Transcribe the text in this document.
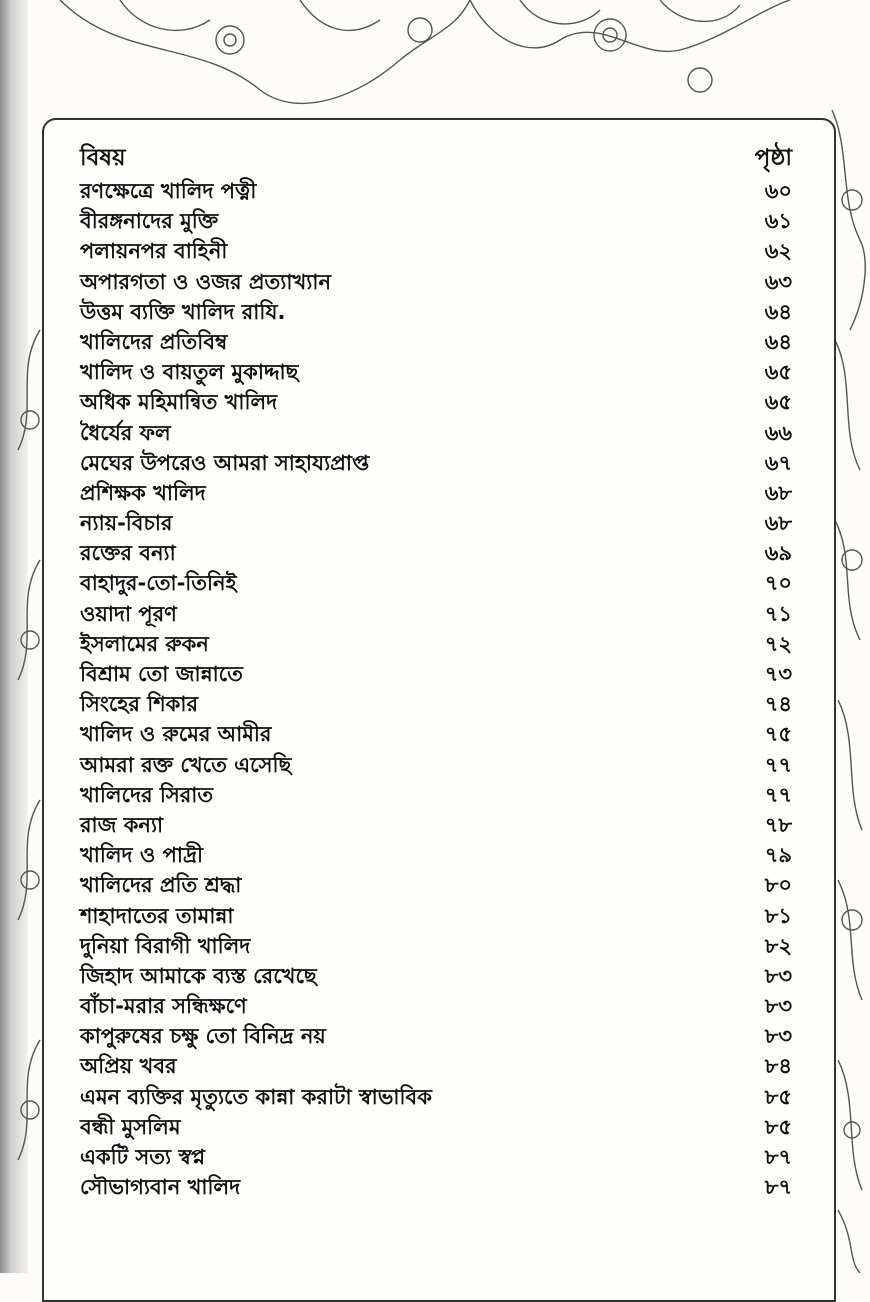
বিষয়	পৃষ্ঠা
রণক্ষেত্রে খালিদ পত্নী	৬০
বীরঙ্গনাদের মুক্তি	৬১
পলায়নপর বাহিনী	৬২
অপারগতা ও ওজর প্রত্যাখ্যান	৬৩
উত্তম ব্যক্তি খালিদ রাযি.	৬৪
খালিদের প্রতিবিম্ব	৬৪
খালিদ ও বায়তুল মুকাদ্দাছ	৬৫
অধিক মহিমান্বিত খালিদ	৬৫
ধৈর্যের ফল	৬৬
মেঘের উপরেও আমরা সাহায্যপ্রাপ্ত	৬৭
প্রশিক্ষক খালিদ	৬৮
ন্যায়-বিচার	৬৮
রক্তের বন্যা	৬৯
বাহাদুর-তো-তিনিই	৭০
ওয়াদা পূরণ	৭১
ইসলামের রুকন	৭২
বিশ্রাম তো জান্নাতে	৭৩
সিংহের শিকার	৭৪
খালিদ ও রুমের আমীর	৭৫
আমরা রক্ত খেতে এসেছি	৭৭
খালিদের সিরাত	৭৭
রাজ কন্যা	৭৮
খালিদ ও পাদ্রী	৭৯
খালিদের প্রতি শ্রদ্ধা	৮০
শাহাদাতের তামান্না	৮১
দুনিয়া বিরাগী খালিদ	৮২
জিহাদ আমাকে ব্যস্ত রেখেছে	৮৩
বাঁচা-মরার সন্ধিক্ষণে	৮৩
কাপুরুষের চক্ষু তো বিনিদ্র নয়	৮৩
অপ্রিয় খবর	৮৪
এমন ব্যক্তির মৃত্যুতে কান্না করাটা স্বাভাবিক	৮৫
বন্ধী মুসলিম	৮৫
একটি সত্য স্বপ্ন	৮৭
সৌভাগ্যবান খালিদ	৮৭
